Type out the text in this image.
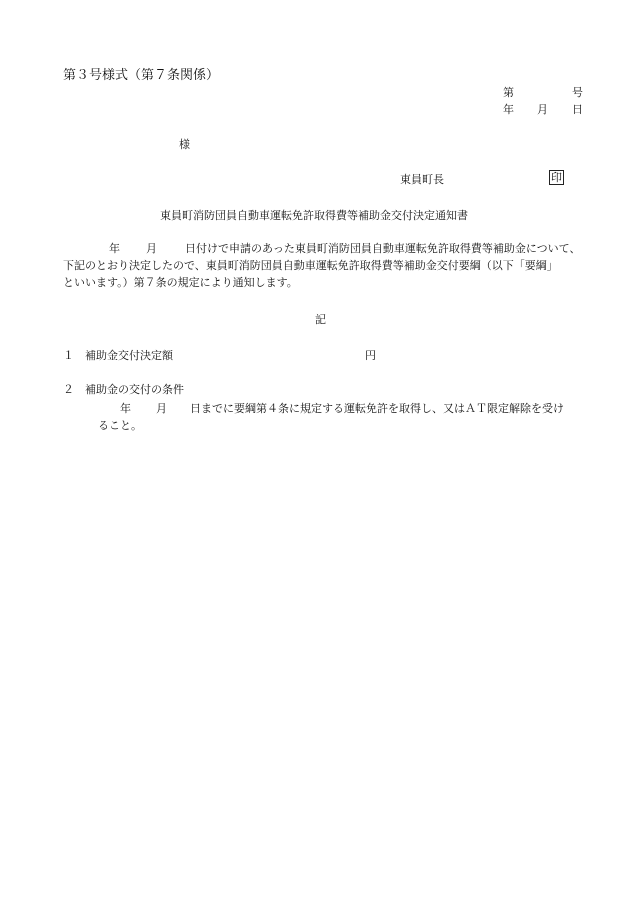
第３号様式（第７条関係）
第	号
年 月 日
様
東員町長	印
東員町消防団員自動車運転免許取得費等補助金交付決定通知書
年 月	日付けで申請のあった東員町消防団員自動車運転免許取得費等補助金について、
下記のとおり決定したので、東員町消防団員自動車運転免許取得費等補助金交付要綱（以下「要綱」
といいます。）第７条の規定により通知します。
記
１　補助金交付決定額	円
２　補助金の交付の条件
年 月 日までに要綱第４条に規定する運転免許を取得し、又はＡＴ限定解除を受け
ること。
